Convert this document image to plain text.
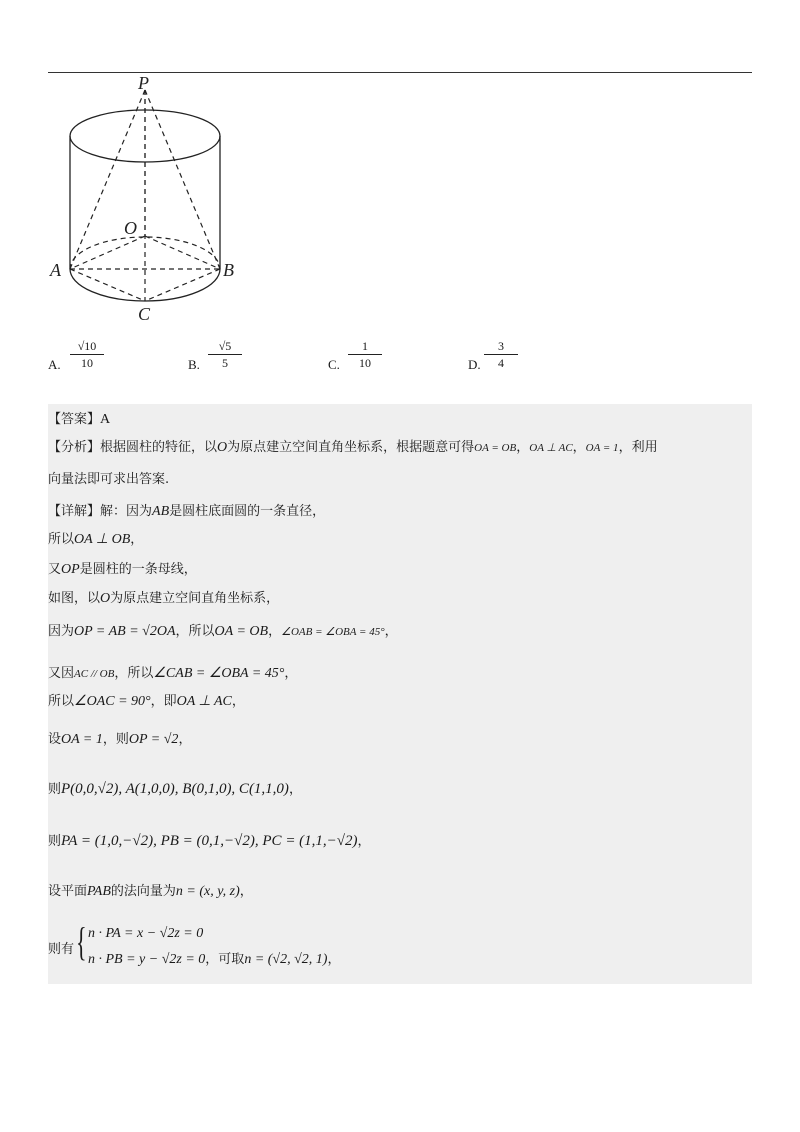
P
O
A	B
C
A. $\frac{√10}{10}$	B. $\frac{√5}{5}$	C. $\frac{1}{10}$	D. $\frac{3}{4}$
【答案】A
【分析】根据圆柱的特征，以O为原点建立空间直角坐标系，根据题意可得OA = OB，OA ⊥ AC，OA = 1，利用
向量法即可求出答案.
【详解】解：因为AB是圆柱底面圆的一条直径，
所以OA ⊥ OB，
又OP是圆柱的一条母线，
如图，以O为原点建立空间直角坐标系，
因为OP = AB = √2OA，所以OA = OB，∠OAB = ∠OBA = 45°，
又因AC // OB，所以∠CAB = ∠OBA = 45°，
所以∠OAC = 90°，即OA ⊥ AC，
设OA = 1，则OP = √2，
则P(0,0,√2), A(1,0,0), B(0,1,0), C(1,1,0)，
则PA = (1,0,−√2), PB = (0,1,−√2), PC = (1,1,−√2)，
设平面PAB的法向量为n = (x, y, z)，
则有 { n · PA = x − √2z = 0
n · PB = y − √2z = 0，可取n = (√2, √2, 1)，
